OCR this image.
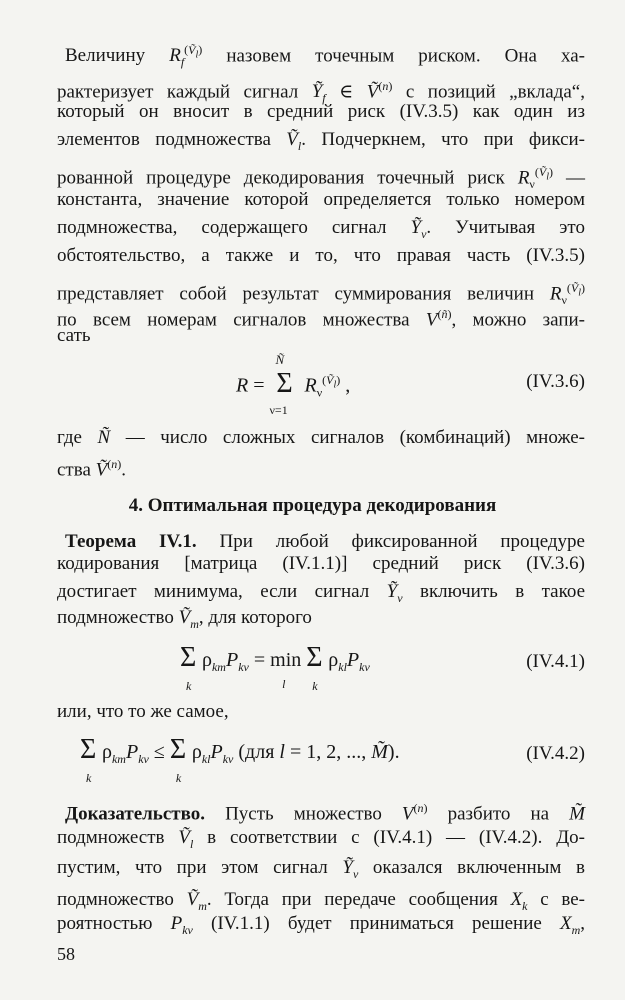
Величину $R_f^{(Ṽ_l)}$ назовем точечным риском. Она ха-
рактеризует каждый сигнал Ỹ$_f$ ∈ Ṽ$^{(n)}$ с позиций „вклада“,
который он вносит в средний риск (IV.3.5) как один из
элементов подмножества Ṽ$_l$. Подчеркнем, что при фикси-
рованной процедуре декодирования точечный риск $R_\nu^{(Ṽ_l)}$ —
константа, значение которой определяется только номером
подмножества, содержащего сигнал Ỹ$_\nu$. Учитывая это
обстоятельство, а также и то, что правая часть (IV.3.5)
представляет собой результат суммирования величин $R_\nu^{(Ṽ_l)}$
по всем номерам сигналов множества $V^{(ñ)}$, можно запи-
сать
R =
Ñ
Σ
ν=1
$R_\nu^{(Ṽ_l)}$ ,	(IV.3.6)
где Ñ — число сложных сигналов (комбинаций) множе-
ства Ṽ$^{(n)}$.
4. Оптимальная процедура декодирования
Теорема IV.1. При любой фиксированной процедуре
кодирования [матрица (IV.1.1)] средний риск (IV.3.6)
достигает минимума, если сигнал Ỹ$_\nu$ включить в такое
подмножество Ṽ$_m$, для которого
Σ
k
$\rho_{km}P_{k\nu} = \min$
l
Σ
k
$\rho_{kl}P_{k\nu}$	(IV.4.1)
или, что то же самое,
Σ
k
$\rho_{km}P_{k\nu} \le \Sigma$
k
$\rho_{kl}P_{k\nu}$ (для l = 1, 2, ..., M̃).	(IV.4.2)
Доказательство. Пусть множество $V^{(n)}$ разбито на M̃
подмножеств Ṽ$_l$ в соответствии с (IV.4.1) — (IV.4.2). До-
пустим, что при этом сигнал Ỹ$_\nu$ оказался включенным в
подмножество Ṽ$_m$. Тогда при передаче сообщения $X_k$ с ве-
роятностью $P_{k\nu}$ (IV.1.1) будет приниматься решение $X_m$,
58
